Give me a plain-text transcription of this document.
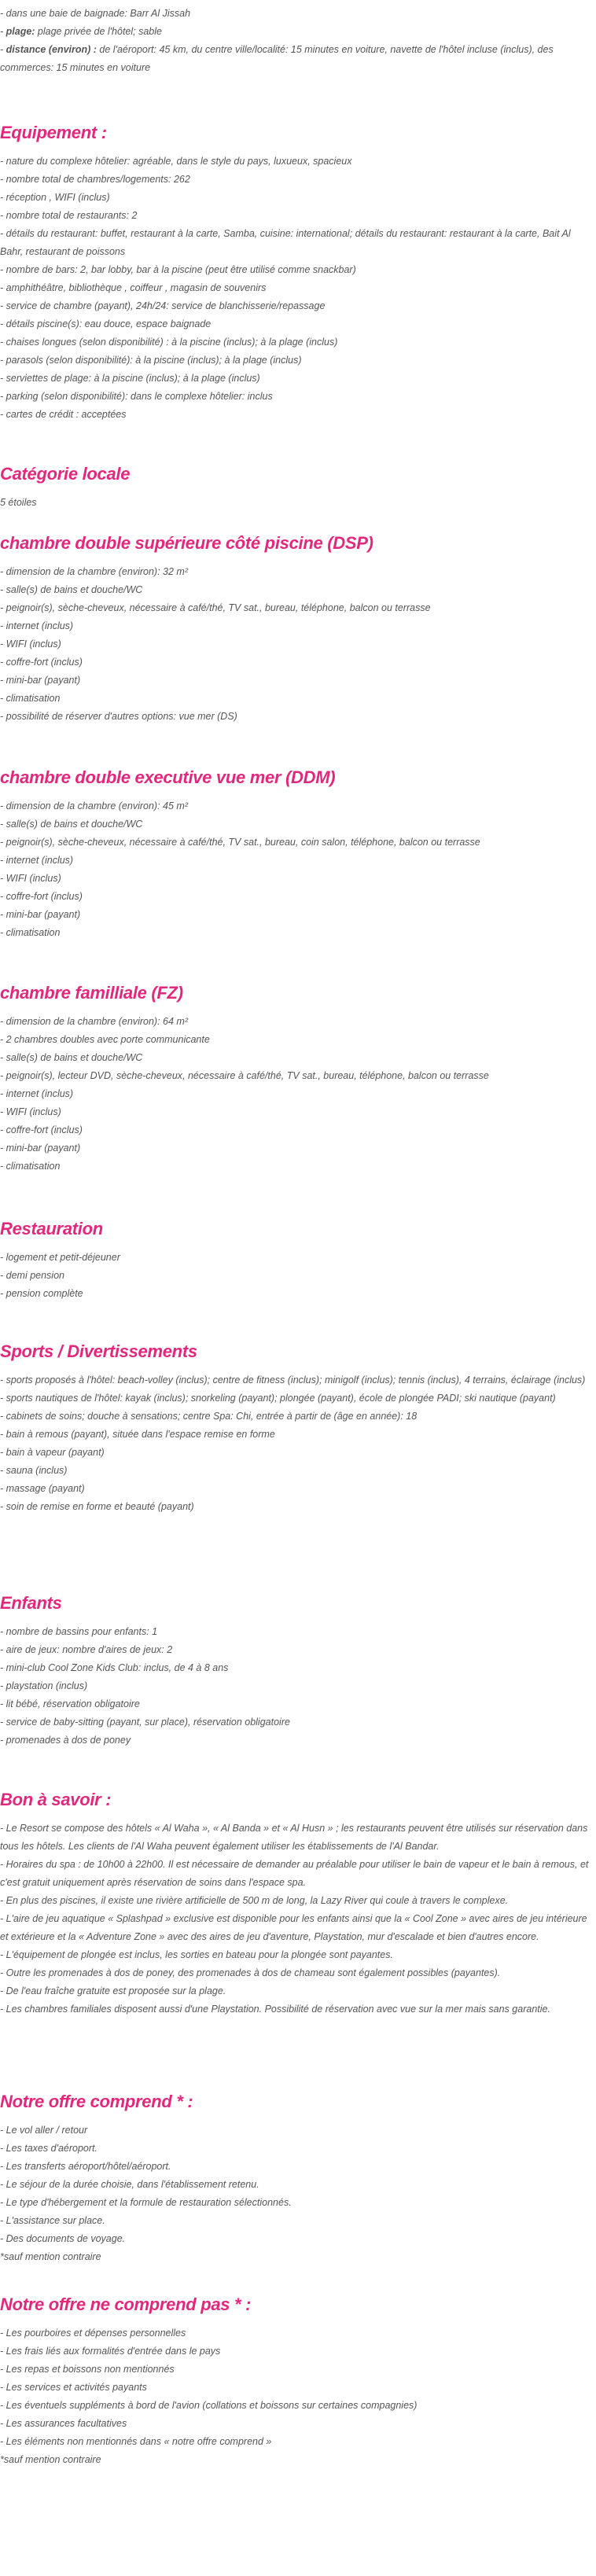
- dans une baie de baignade: Barr Al Jissah
- plage: plage privée de l'hôtel; sable
- distance (environ) : de l'aéroport: 45 km, du centre ville/localité: 15 minutes en voiture, navette de l'hôtel incluse (inclus), des commerces: 15 minutes en voiture
Equipement :
- nature du complexe hôtelier: agréable, dans le style du pays, luxueux, spacieux
- nombre total de chambres/logements: 262
- réception , WIFI (inclus)
- nombre total de restaurants: 2
- détails du restaurant: buffet, restaurant à la carte, Samba, cuisine: international; détails du restaurant: restaurant à la carte, Bait Al Bahr, restaurant de poissons
- nombre de bars: 2, bar lobby, bar à la piscine (peut être utilisé comme snackbar)
- amphithéâtre, bibliothèque , coiffeur , magasin de souvenirs
- service de chambre (payant), 24h/24: service de blanchisserie/repassage
- détails piscine(s): eau douce, espace baignade
- chaises longues (selon disponibilité) : à la piscine (inclus); à la plage (inclus)
- parasols (selon disponibilité): à la piscine (inclus); à la plage (inclus)
- serviettes de plage: à la piscine (inclus); à la plage (inclus)
- parking (selon disponibilité): dans le complexe hôtelier: inclus
- cartes de crédit : acceptées
Catégorie locale
5 étoiles
chambre double supérieure côté piscine (DSP)
- dimension de la chambre (environ): 32 m²
- salle(s) de bains et douche/WC
- peignoir(s), sèche-cheveux, nécessaire à café/thé, TV sat., bureau, téléphone, balcon ou terrasse
- internet (inclus)
- WIFI (inclus)
- coffre-fort (inclus)
- mini-bar (payant)
- climatisation
- possibilité de réserver d'autres options: vue mer (DS)
chambre double executive vue mer (DDM)
- dimension de la chambre (environ): 45 m²
- salle(s) de bains et douche/WC
- peignoir(s), sèche-cheveux, nécessaire à café/thé, TV sat., bureau, coin salon, téléphone, balcon ou terrasse
- internet (inclus)
- WIFI (inclus)
- coffre-fort (inclus)
- mini-bar (payant)
- climatisation
chambre familliale (FZ)
- dimension de la chambre (environ): 64 m²
- 2 chambres doubles avec porte communicante
- salle(s) de bains et douche/WC
- peignoir(s), lecteur DVD, sèche-cheveux, nécessaire à café/thé, TV sat., bureau, téléphone, balcon ou terrasse
- internet (inclus)
- WIFI (inclus)
- coffre-fort (inclus)
- mini-bar (payant)
- climatisation
Restauration
- logement et petit-déjeuner
- demi pension
- pension complète
Sports / Divertissements
- sports proposés à l'hôtel: beach-volley (inclus); centre de fitness (inclus); minigolf (inclus); tennis (inclus), 4 terrains, éclairage (inclus)
- sports nautiques de l'hôtel: kayak (inclus); snorkeling (payant); plongée (payant), école de plongée PADI; ski nautique (payant)
- cabinets de soins; douche à sensations; centre Spa: Chi, entrée à partir de (âge en année): 18
- bain à remous (payant), située dans l'espace remise en forme
- bain à vapeur (payant)
- sauna (inclus)
- massage (payant)
- soin de remise en forme et beauté (payant)
Enfants
- nombre de bassins pour enfants: 1
- aire de jeux: nombre d'aires de jeux: 2
- mini-club Cool Zone Kids Club: inclus, de 4 à 8 ans
- playstation (inclus)
- lit bébé, réservation obligatoire
- service de baby-sitting (payant, sur place), réservation obligatoire
- promenades à dos de poney
Bon à savoir :
- Le Resort se compose des hôtels « Al Waha », « Al Banda » et « Al Husn » ; les restaurants peuvent être utilisés sur réservation dans tous les hôtels. Les clients de l'Al Waha peuvent également utiliser les établissements de l'Al Bandar.
- Horaires du spa : de 10h00 à 22h00. Il est nécessaire de demander au préalable pour utiliser le bain de vapeur et le bain à remous, et c'est gratuit uniquement après réservation de soins dans l'espace spa.
- En plus des piscines, il existe une rivière artificielle de 500 m de long, la Lazy River qui coule à travers le complexe.
- L'aire de jeu aquatique « Splashpad » exclusive est disponible pour les enfants ainsi que la « Cool Zone » avec aires de jeu intérieure et extérieure et la « Adventure Zone » avec des aires de jeu d'aventure, Playstation, mur d'escalade et bien d'autres encore.
- L'équipement de plongée est inclus, les sorties en bateau pour la plongée sont payantes.
- Outre les promenades à dos de poney, des promenades à dos de chameau sont également possibles (payantes).
- De l'eau fraîche gratuite est proposée sur la plage.
- Les chambres familiales disposent aussi d'une Playstation. Possibilité de réservation avec vue sur la mer mais sans garantie.
Notre offre comprend * :
- Le vol aller / retour
- Les taxes d'aéroport.
- Les transferts aéroport/hôtel/aéroport.
- Le séjour de la durée choisie, dans l'établissement retenu.
- Le type d'hébergement et la formule de restauration sélectionnés.
- L'assistance sur place.
- Des documents de voyage.
*sauf mention contraire
Notre offre ne comprend pas * :
- Les pourboires et dépenses personnelles
- Les frais liés aux formalités d'entrée dans le pays
- Les repas et boissons non mentionnés
- Les services et activités payants
- Les éventuels suppléments à bord de l'avion (collations et boissons sur certaines compagnies)
- Les assurances facultatives
- Les éléments non mentionnés dans « notre offre comprend »
*sauf mention contraire
